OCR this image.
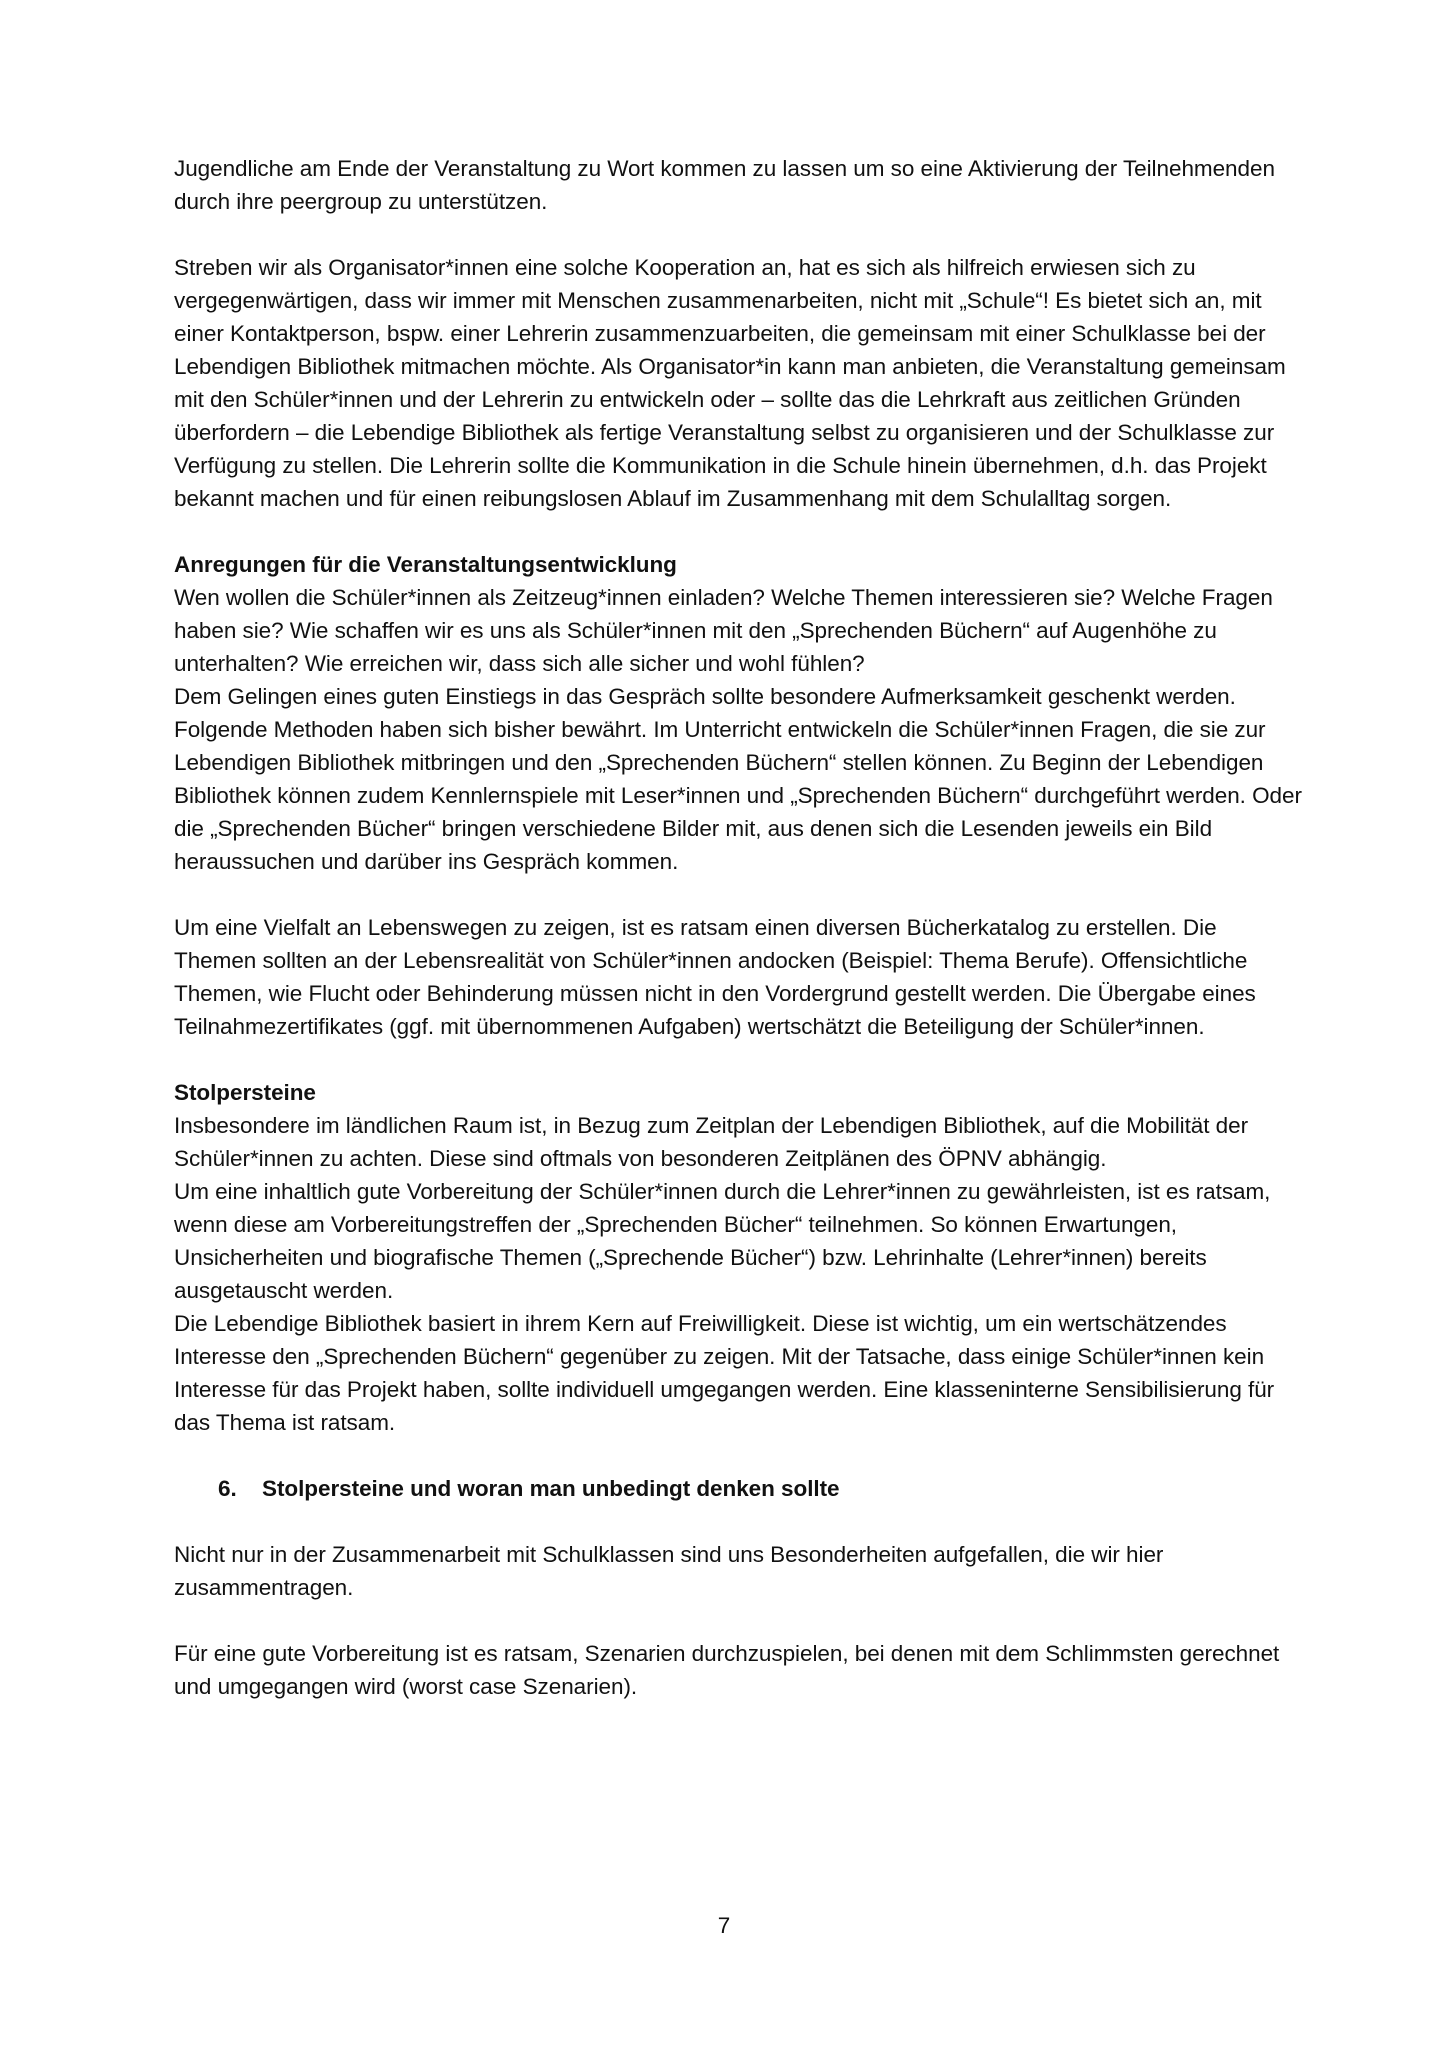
Jugendliche am Ende der Veranstaltung zu Wort kommen zu lassen um so eine Aktivierung der Teilnehmenden durch ihre peergroup zu unterstützen.

Streben wir als Organisator*innen eine solche Kooperation an, hat es sich als hilfreich erwiesen sich zu vergegenwärtigen, dass wir immer mit Menschen zusammenarbeiten, nicht mit „Schule“! Es bietet sich an, mit einer Kontaktperson, bspw. einer Lehrerin zusammenzuarbeiten, die gemeinsam mit einer Schulklasse bei der Lebendigen Bibliothek mitmachen möchte. Als Organisator*in kann man anbieten, die Veranstaltung gemeinsam mit den Schüler*innen und der Lehrerin zu entwickeln oder – sollte das die Lehrkraft aus zeitlichen Gründen überfordern – die Lebendige Bibliothek als fertige Veranstaltung selbst zu organisieren und der Schulklasse zur Verfügung zu stellen. Die Lehrerin sollte die Kommunikation in die Schule hinein übernehmen, d.h. das Projekt bekannt machen und für einen reibungslosen Ablauf im Zusammenhang mit dem Schulalltag sorgen.

Anregungen für die Veranstaltungsentwicklung

Wen wollen die Schüler*innen als Zeitzeug*innen einladen? Welche Themen interessieren sie? Welche Fragen haben sie? Wie schaffen wir es uns als Schüler*innen mit den „Sprechenden Büchern“ auf Augenhöhe zu unterhalten? Wie erreichen wir, dass sich alle sicher und wohl fühlen?

Dem Gelingen eines guten Einstiegs in das Gespräch sollte besondere Aufmerksamkeit geschenkt werden. Folgende Methoden haben sich bisher bewährt. Im Unterricht entwickeln die Schüler*innen Fragen, die sie zur Lebendigen Bibliothek mitbringen und den „Sprechenden Büchern“ stellen können. Zu Beginn der Lebendigen Bibliothek können zudem Kennlernspiele mit Leser*innen und „Sprechenden Büchern“ durchgeführt werden. Oder die „Sprechenden Bücher“ bringen verschiedene Bilder mit, aus denen sich die Lesenden jeweils ein Bild heraussuchen und darüber ins Gespräch kommen.

Um eine Vielfalt an Lebenswegen zu zeigen, ist es ratsam einen diversen Bücherkatalog zu erstellen. Die Themen sollten an der Lebensrealität von Schüler*innen andocken (Beispiel: Thema Berufe). Offensichtliche Themen, wie Flucht oder Behinderung müssen nicht in den Vordergrund gestellt werden. Die Übergabe eines Teilnahmezertifikates (ggf. mit übernommenen Aufgaben) wertschätzt die Beteiligung der Schüler*innen.

Stolpersteine

Insbesondere im ländlichen Raum ist, in Bezug zum Zeitplan der Lebendigen Bibliothek, auf die Mobilität der Schüler*innen zu achten. Diese sind oftmals von besonderen Zeitplänen des ÖPNV abhängig.

Um eine inhaltlich gute Vorbereitung der Schüler*innen durch die Lehrer*innen zu gewährleisten, ist es ratsam, wenn diese am Vorbereitungstreffen der „Sprechenden Bücher“ teilnehmen. So können Erwartungen, Unsicherheiten und biografische Themen („Sprechende Bücher“) bzw. Lehrinhalte (Lehrer*innen) bereits ausgetauscht werden.

Die Lebendige Bibliothek basiert in ihrem Kern auf Freiwilligkeit. Diese ist wichtig, um ein wertschätzendes Interesse den „Sprechenden Büchern“ gegenüber zu zeigen. Mit der Tatsache, dass einige Schüler*innen kein Interesse für das Projekt haben, sollte individuell umgegangen werden. Eine klasseninterne Sensibilisierung für das Thema ist ratsam.

6.	Stolpersteine und woran man unbedingt denken sollte

Nicht nur in der Zusammenarbeit mit Schulklassen sind uns Besonderheiten aufgefallen, die wir hier zusammentragen.

Für eine gute Vorbereitung ist es ratsam, Szenarien durchzuspielen, bei denen mit dem Schlimmsten gerechnet und umgegangen wird (worst case Szenarien).

7
